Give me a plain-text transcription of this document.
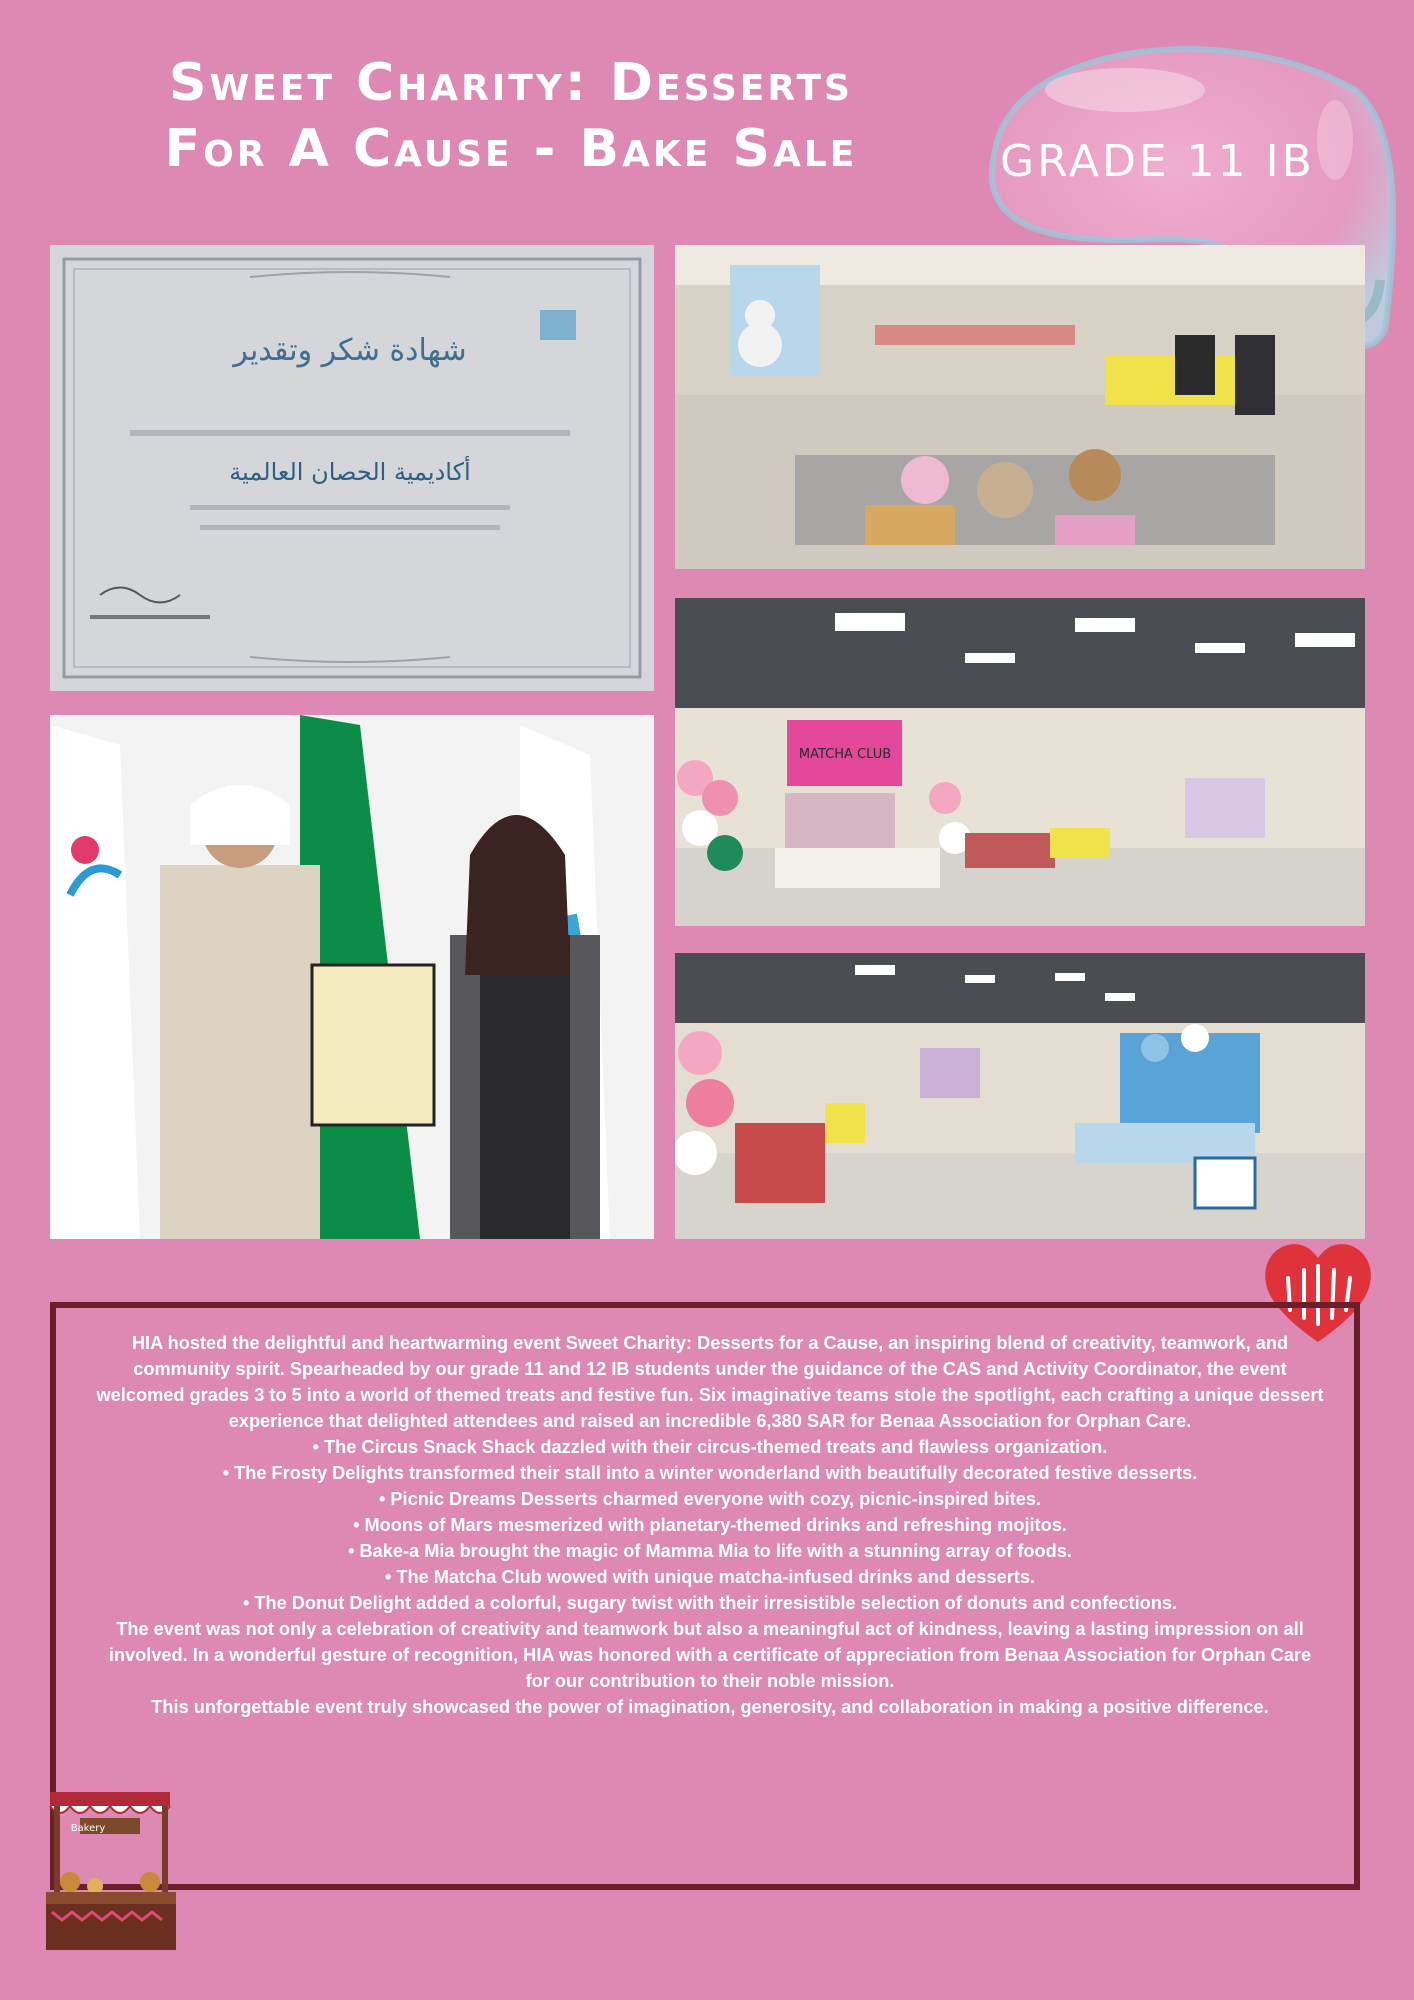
Sweet Charity: Desserts
For A Cause - Bake Sale	GRADE 11 IB
شهادة شكر وتقدير
أكاديمية الحصان العالمية
MATCHA CLUB

HIA hosted the delightful and heartwarming event Sweet Charity: Desserts for a Cause, an inspiring blend of creativity, teamwork, and community spirit. Spearheaded by our grade 11 and 12 IB students under the guidance of the CAS and Activity Coordinator, the event welcomed grades 3 to 5 into a world of themed treats and festive fun. Six imaginative teams stole the spotlight, each crafting a unique dessert experience that delighted attendees and raised an incredible 6,380 SAR for Benaa Association for Orphan Care.

• The Circus Snack Shack dazzled with their circus-themed treats and flawless organization.

• The Frosty Delights transformed their stall into a winter wonderland with beautifully decorated festive desserts.

• Picnic Dreams Desserts charmed everyone with cozy, picnic-inspired bites.

• Moons of Mars mesmerized with planetary-themed drinks and refreshing mojitos.

• Bake-a Mia brought the magic of Mamma Mia to life with a stunning array of foods.

• The Matcha Club wowed with unique matcha-infused drinks and desserts.

• The Donut Delight added a colorful, sugary twist with their irresistible selection of donuts and confections.

The event was not only a celebration of creativity and teamwork but also a meaningful act of kindness, leaving a lasting impression on all involved. In a wonderful gesture of recognition, HIA was honored with a certificate of appreciation from Benaa Association for Orphan Care for our contribution to their noble mission.

This unforgettable event truly showcased the power of imagination, generosity, and collaboration in making a positive difference.

Bakery
